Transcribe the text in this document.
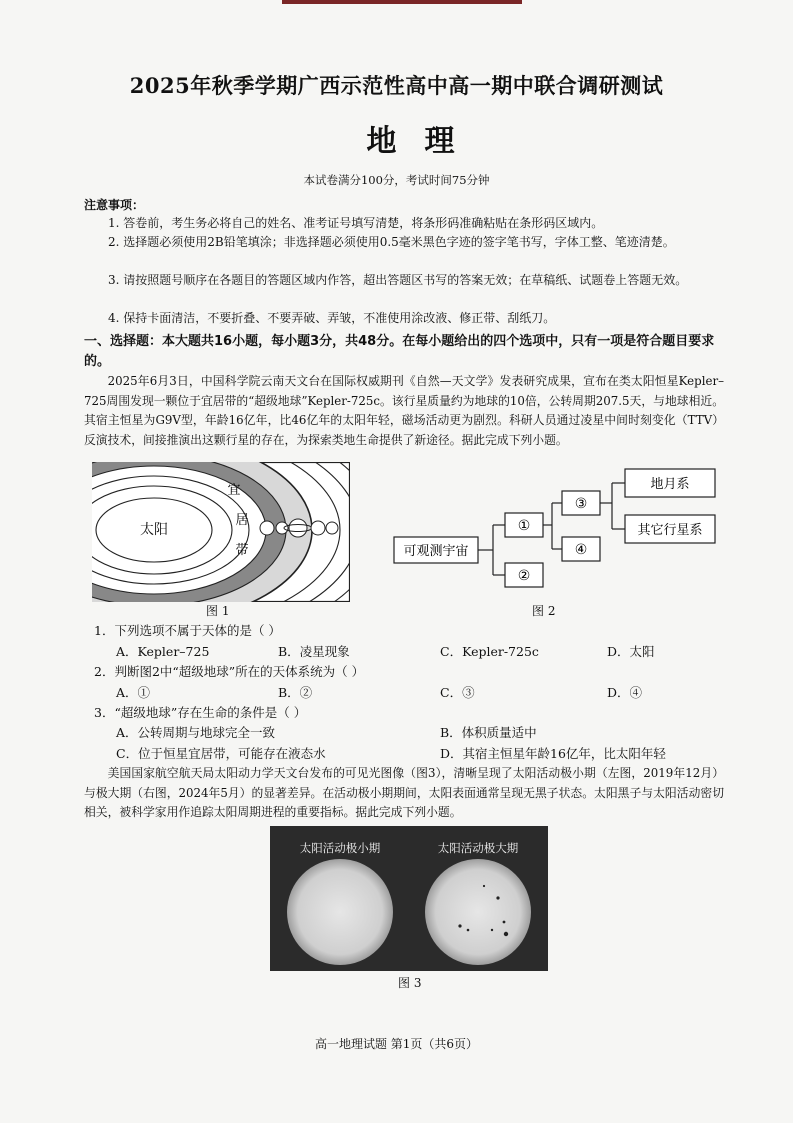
2025年秋季学期广西示范性高中高一期中联合调研测试
地理
本试卷满分100分，考试时间75分钟
注意事项：
1. 答卷前，考生务必将自己的姓名、准考证号填写清楚，将条形码准确粘贴在条形码区域内。
2. 选择题必须使用2B铅笔填涂；非选择题必须使用0.5毫米黑色字迹的签字笔书写，字体工整、笔迹清楚。
3. 请按照题号顺序在各题目的答题区域内作答，超出答题区书写的答案无效；在草稿纸、试题卷上答题无效。
4. 保持卡面清洁，不要折叠、不要弄破、弄皱，不准使用涂改液、修正带、刮纸刀。
一、选择题：本大题共16小题，每小题3分，共48分。在每小题给出的四个选项中，只有一项是符合题目要求的。
2025年6月3日，中国科学院云南天文台在国际权威期刊《自然—天文学》发表研究成果，宣布在类太阳恒星Kepler–725周围发现一颗位于宜居带的“超级地球”Kepler-725c。该行星质量约为地球的10倍，公转周期207.5天，与地球相近。其宿主恒星为G9V型，年龄16亿年，比46亿年的太阳年轻，磁场活动更为剧烈。科研人员通过凌星中间时刻变化（TTV）反演技术，间接推演出这颗行星的存在，为探索类地生命提供了新途径。据此完成下列小题。
太阳
宜
居
带
图 1
可观测宇宙
①
②
③
④
地月系
其它行星系
图 2
1．下列选项不属于天体的是（ ）
A．Kepler–725	B．凌星现象	C．Kepler-725c	D．太阳
2．判断图2中“超级地球”所在的天体系统为（ ）
A．①	B．②	C．③	D．④
3．“超级地球”存在生命的条件是（ ）
A．公转周期与地球完全一致	B．体积质量适中
C．位于恒星宜居带，可能存在液态水	D．其宿主恒星年龄16亿年，比太阳年轻
美国国家航空航天局太阳动力学天文台发布的可见光图像（图3），清晰呈现了太阳活动极小期（左图，2019年12月）与极大期（右图，2024年5月）的显著差异。在活动极小期期间，太阳表面通常呈现无黑子状态。太阳黑子与太阳活动密切相关，被科学家用作追踪太阳周期进程的重要指标。据此完成下列小题。
太阳活动极小期	太阳活动极大期
图 3
高一地理试题 第1页（共6页）
